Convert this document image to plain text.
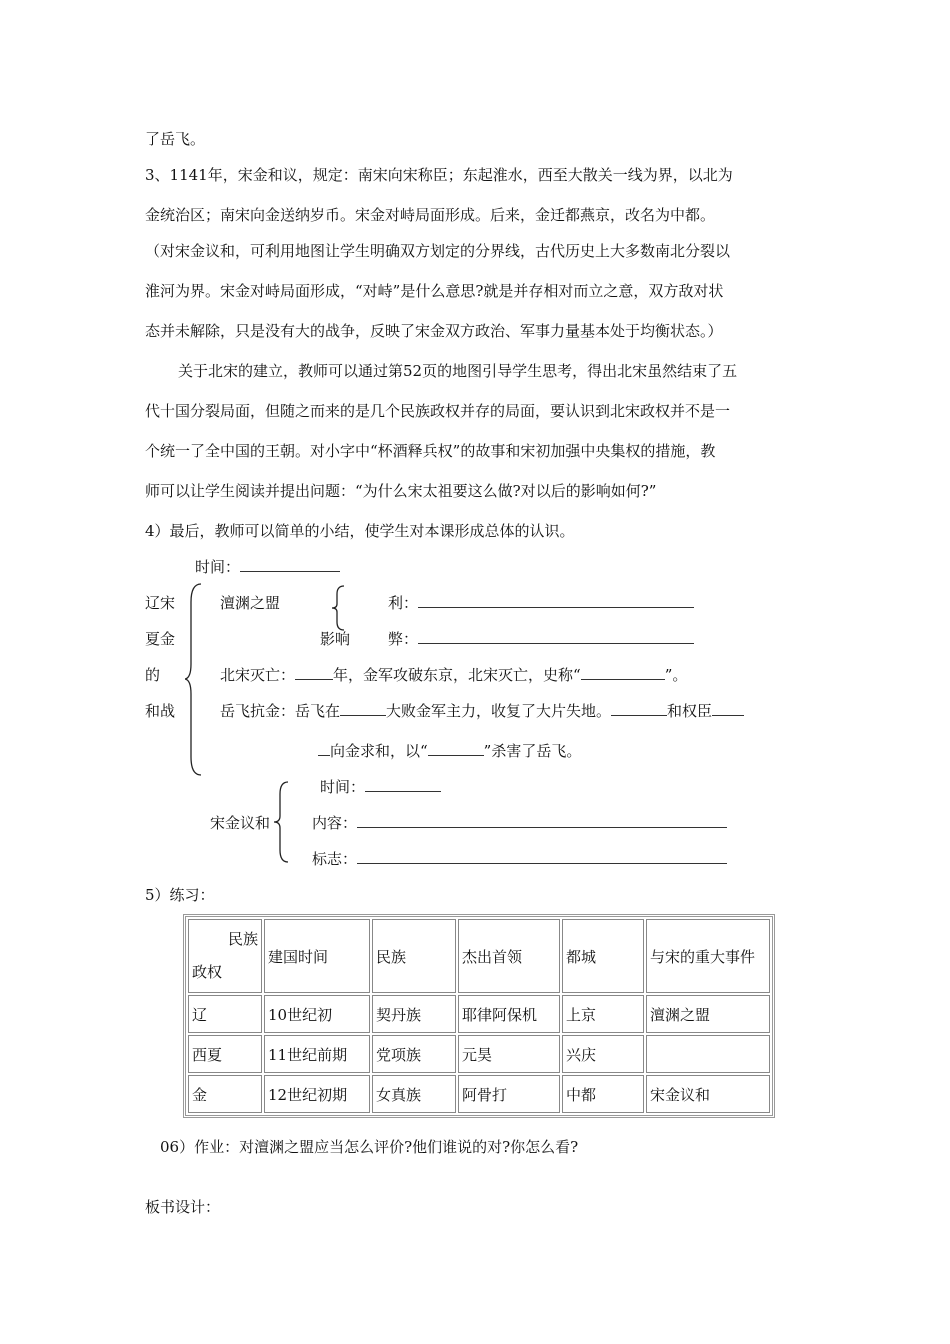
了岳飞。
3、1141年，宋金和议，规定：南宋向宋称臣；东起淮水，西至大散关一线为界，以北为
金统治区；南宋向金送纳岁币。宋金对峙局面形成。后来，金迁都燕京，改名为中都。
（对宋金议和，可利用地图让学生明确双方划定的分界线，古代历史上大多数南北分裂以
淮河为界。宋金对峙局面形成，“对峙”是什么意思?就是并存相对而立之意，双方敌对状
态并未解除，只是没有大的战争，反映了宋金双方政治、军事力量基本处于均衡状态。）
关于北宋的建立，教师可以通过第52页的地图引导学生思考，得出北宋虽然结束了五
代十国分裂局面，但随之而来的是几个民族政权并存的局面，要认识到北宋政权并不是一
个统一了全中国的王朝。对小字中“杯酒释兵权”的故事和宋初加强中央集权的措施，教
师可以让学生阅读并提出问题：“为什么宋太祖要这么做?对以后的影响如何?”
4）最后，教师可以简单的小结，使学生对本课形成总体的认识。
时间：
辽宋
夏金
的
和战
澶渊之盟	利：
影响	弊：
北宋灭亡：	年，金军攻破东京，北宋灭亡，史称“	”。
岳飞抗金：岳飞在	大败金军主力，收复了大片失地。	和权臣
向金求和，以“	”杀害了岳飞。
时间：
宋金议和	内容：
标志：
5）练习：
民族
政权	建国时间	民族	杰出首领	都城	与宋的重大事件
辽	10世纪初	契丹族	耶律阿保机	上京	澶渊之盟
西夏	11世纪前期	党项族	元昊	兴庆	
金	12世纪初期	女真族	阿骨打	中都	宋金议和
06）作业：对澶渊之盟应当怎么评价?他们谁说的对?你怎么看?
板书设计：
